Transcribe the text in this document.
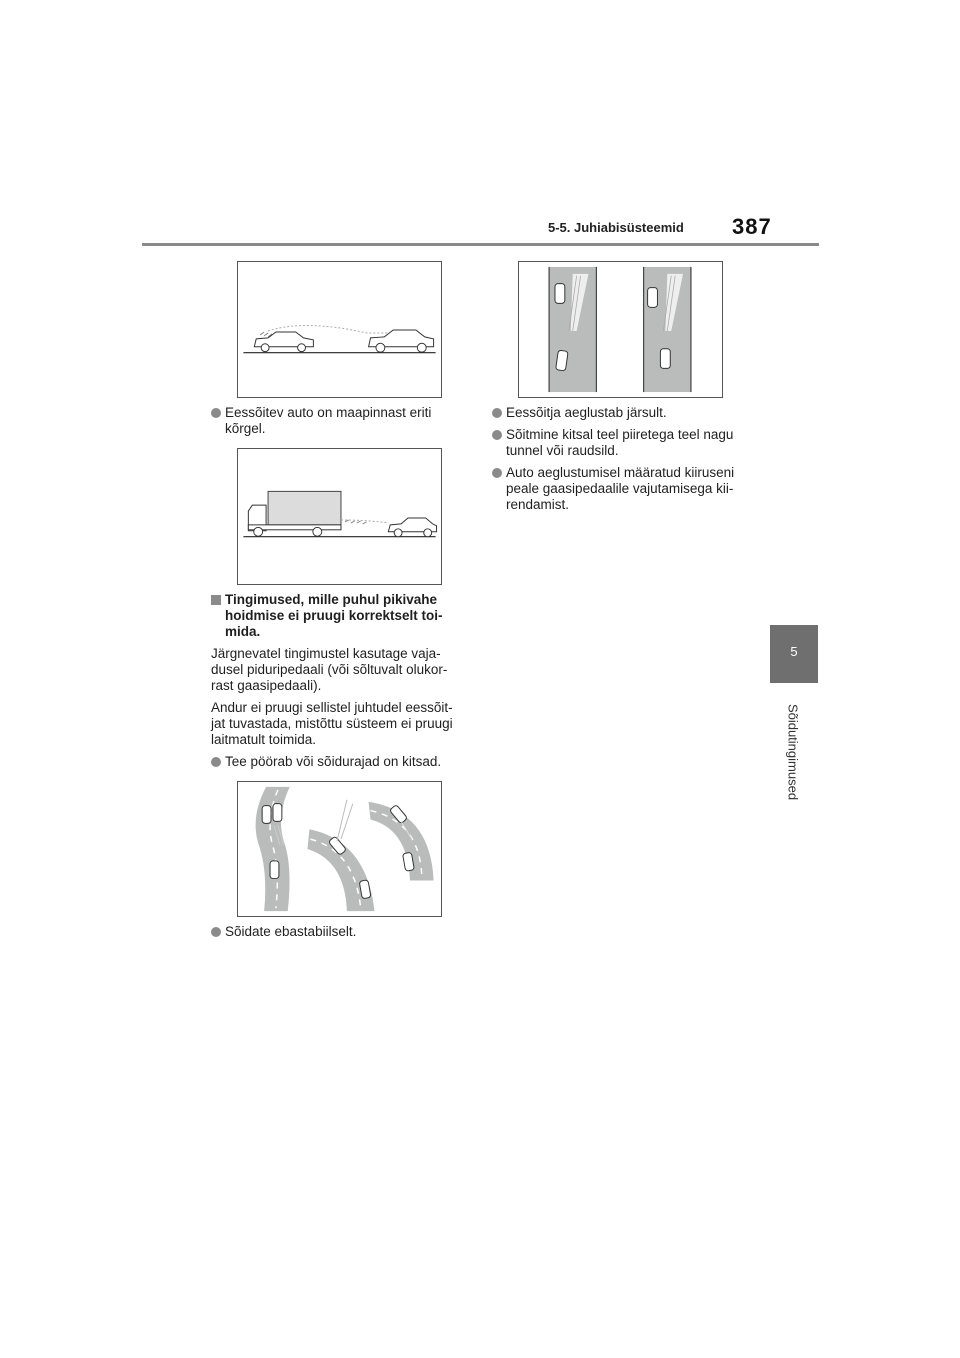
5-5. Juhiabisüsteemid 387
5
Sõidutingimused
Eessõitev auto on maapinnast eriti kõrgel.
Tingimused, mille puhul pikivahe hoidmise ei pruugi korrektselt toi- mida.
Järgnevatel tingimustel kasutage vaja- dusel piduripedaali (või sõltuvalt olukor- rast gaasipedaali).
Andur ei pruugi sellistel juhtudel eessõit- jat tuvastada, mistõttu süsteem ei pruugi laitmatult toimida.
Tee pöörab või sõidurajad on kitsad.
Sõidate ebastabiilselt.
Eessõitja aeglustab järsult.
Sõitmine kitsal teel piiretega teel nagu tunnel või raudsild.
Auto aeglustumisel määratud kiiruseni peale gaasipedaalile vajutamisega kii- rendamist.
